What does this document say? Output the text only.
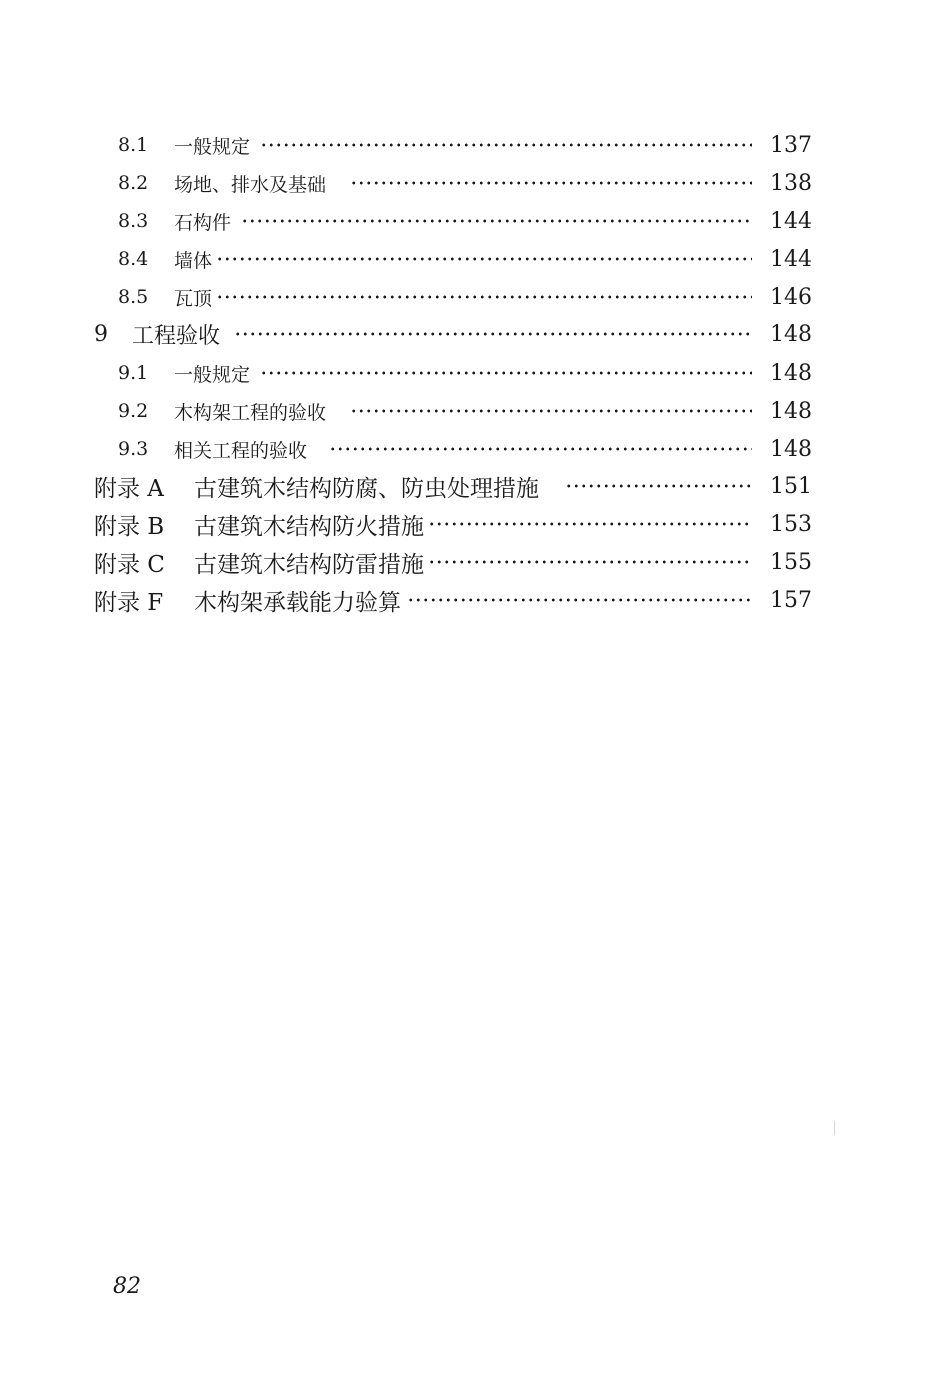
8.1	一般规定	137
8.2	场地、排水及基础	138
8.3	石构件	144
8.4	墙体	144
8.5	瓦顶	146
9	工程验收	148
9.1	一般规定	148
9.2	木构架工程的验收	148
9.3	相关工程的验收	148
附录 A	古建筑木结构防腐、防虫处理措施	151
附录 B	古建筑木结构防火措施	153
附录 C	古建筑木结构防雷措施	155
附录 F	木构架承载能力验算	157
82
